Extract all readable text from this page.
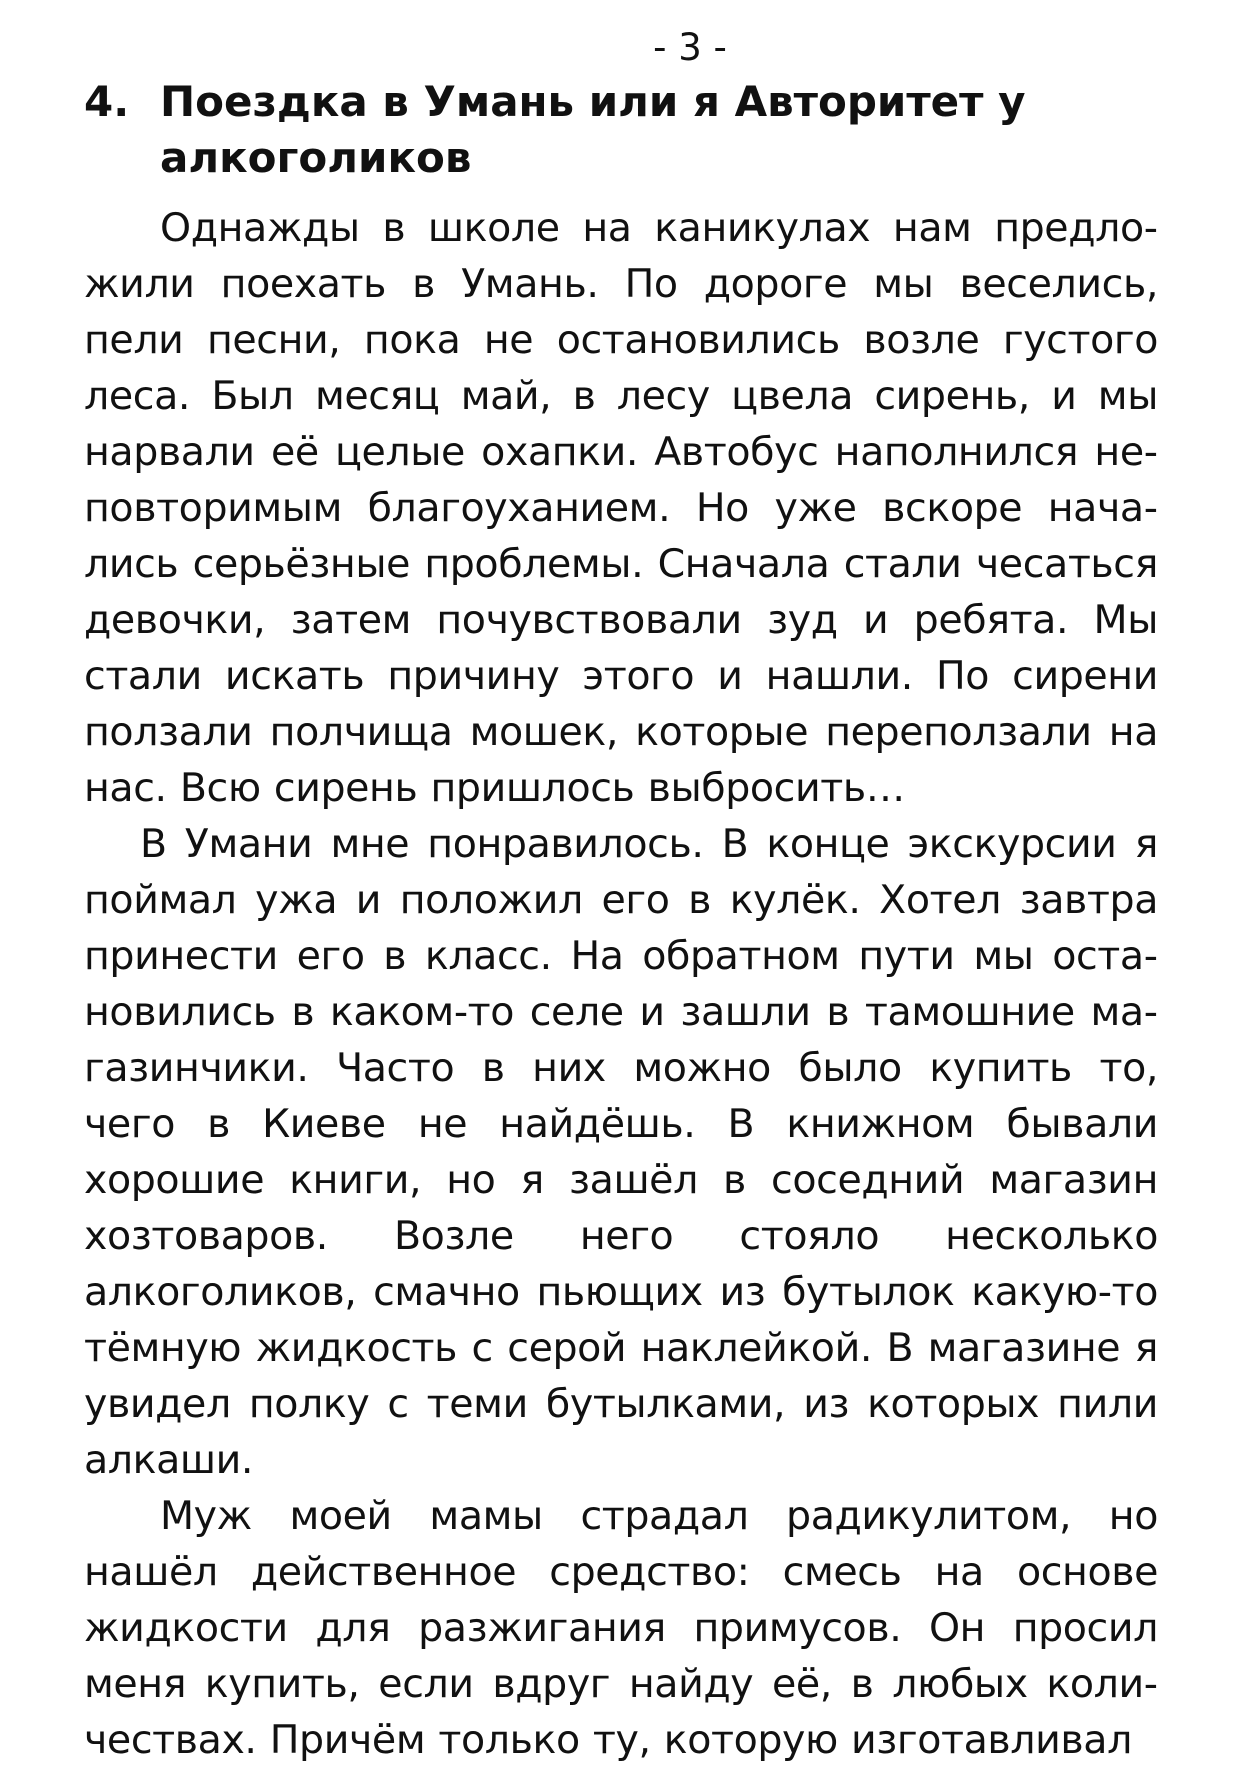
- 3 -
4. Поездка в Умань или я Авторитет у алкоголиков

Однажды в школе на каникулах нам предложили поехать в Умань. По дороге мы веселись, пели песни, пока не остановились возле густого леса. Был месяц май, в лесу цвела сирень, и мы нарвали её целые охапки. Автобус наполнился неповторимым благоуханием. Но уже вскоре начались серьёзные проблемы. Сначала стали чесаться девочки, затем почувствовали зуд и ребята. Мы стали искать причину этого и нашли. По сирени ползали полчища мошек, которые переползали на нас. Всю сирень пришлось выбросить…

В Умани мне понравилось. В конце экскурсии я поймал ужа и положил его в кулёк. Хотел завтра принести его в класс. На обратном пути мы остановились в каком-то селе и зашли в тамошние магазинчики. Часто в них можно было купить то, чего в Киеве не найдёшь. В книжном бывали хорошие книги, но я зашёл в соседний магазин хозтоваров. Возле него стояло несколько алкоголиков, смачно пьющих из бутылок какую-то тёмную жидкость с серой наклейкой. В магазине я увидел полку с теми бутылками, из которых пили алкаши.

Муж моей мамы страдал радикулитом, но нашёл действенное средство: смесь на основе жидкости для разжигания примусов. Он просил меня купить, если вдруг найду её, в любых количествах. Причём только ту, которую изготавливал
